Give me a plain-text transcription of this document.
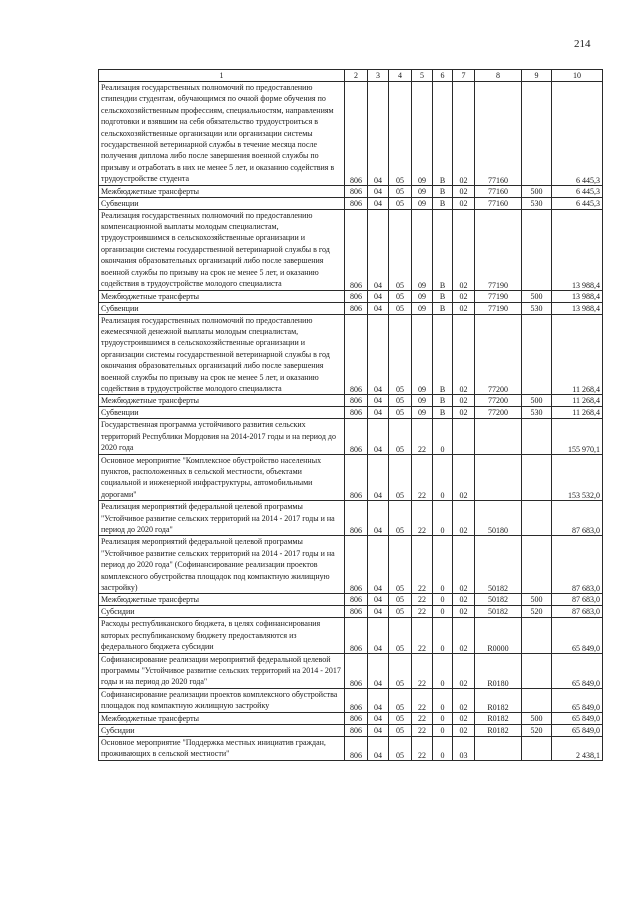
214
1	2	3	4	5	6	7	8	9	10
Реализация государственных полномочий по предоставлению стипендии студентам, обучающимся по очной форме обучения по сельскохозяйственным профессиям, специальностям, направлениям подготовки и взявшим на себя обязательство трудоустроиться в сельскохозяйственные организации или организации системы государственной ветеринарной службы в течение месяца после получения диплома либо после завершения военной службы по призыву и отработать в них не менее 5 лет, и оказанию содействия в трудоустройстве студента	806	04	05	09	В	02	77160		6 445,3
Межбюджетные трансферты	806	04	05	09	В	02	77160	500	6 445,3
Субвенции	806	04	05	09	В	02	77160	530	6 445,3
Реализация государственных полномочий по предоставлению компенсационной выплаты молодым специалистам, трудоустроившимся в сельскохозяйственные организации и организации системы государственной ветеринарной службы в год окончания образовательных организаций либо после завершения военной службы по призыву на срок не менее 5 лет, и оказанию содействия в трудоустройстве молодого специалиста	806	04	05	09	В	02	77190		13 988,4
Межбюджетные трансферты	806	04	05	09	В	02	77190	500	13 988,4
Субвенции	806	04	05	09	В	02	77190	530	13 988,4
Реализация государственных полномочий по предоставлению ежемесячной денежной выплаты молодым специалистам, трудоустроившимся в сельскохозяйственные организации и организации системы государственной ветеринарной службы в год окончания образовательных организаций либо после завершения военной службы по призыву на срок не менее 5 лет, и оказанию содействия в трудоустройстве молодого специалиста	806	04	05	09	В	02	77200		11 268,4
Межбюджетные трансферты	806	04	05	09	В	02	77200	500	11 268,4
Субвенции	806	04	05	09	В	02	77200	530	11 268,4
Государственная программа устойчивого развития сельских территорий Республики Мордовия на 2014-2017 годы и на период до 2020 года	806	04	05	22	0				155 970,1
Основное мероприятие "Комплексное обустройство населенных пунктов, расположенных в сельской местности, объектами социальной и инженерной инфраструктуры, автомобильными дорогами"	806	04	05	22	0	02			153 532,0
Реализация мероприятий федеральной целевой программы "Устойчивое развитие сельских территорий на 2014 - 2017 годы и на период до 2020 года"	806	04	05	22	0	02	50180		87 683,0
Реализация мероприятий федеральной целевой программы "Устойчивое развитие сельских территорий на 2014 - 2017 годы и на период до 2020 года" (Софинансирование реализации проектов комплексного обустройства площадок под компактную жилищную застройку)	806	04	05	22	0	02	50182		87 683,0
Межбюджетные трансферты	806	04	05	22	0	02	50182	500	87 683,0
Субсидии	806	04	05	22	0	02	50182	520	87 683,0
Расходы республиканского бюджета, в целях софинансирования которых республиканскому бюджету предоставляются из федерального бюджета субсидии	806	04	05	22	0	02	R0000		65 849,0
Софинансирование реализации мероприятий федеральной целевой программы "Устойчивое развитие сельских территорий на 2014 - 2017 годы и на период до 2020 года"	806	04	05	22	0	02	R0180		65 849,0
Софинансирование реализации проектов комплексного обустройства площадок под компактную жилищную застройку	806	04	05	22	0	02	R0182		65 849,0
Межбюджетные трансферты	806	04	05	22	0	02	R0182	500	65 849,0
Субсидии	806	04	05	22	0	02	R0182	520	65 849,0
Основное мероприятие "Поддержка местных инициатив граждан, проживающих в сельской местности"	806	04	05	22	0	03			2 438,1
